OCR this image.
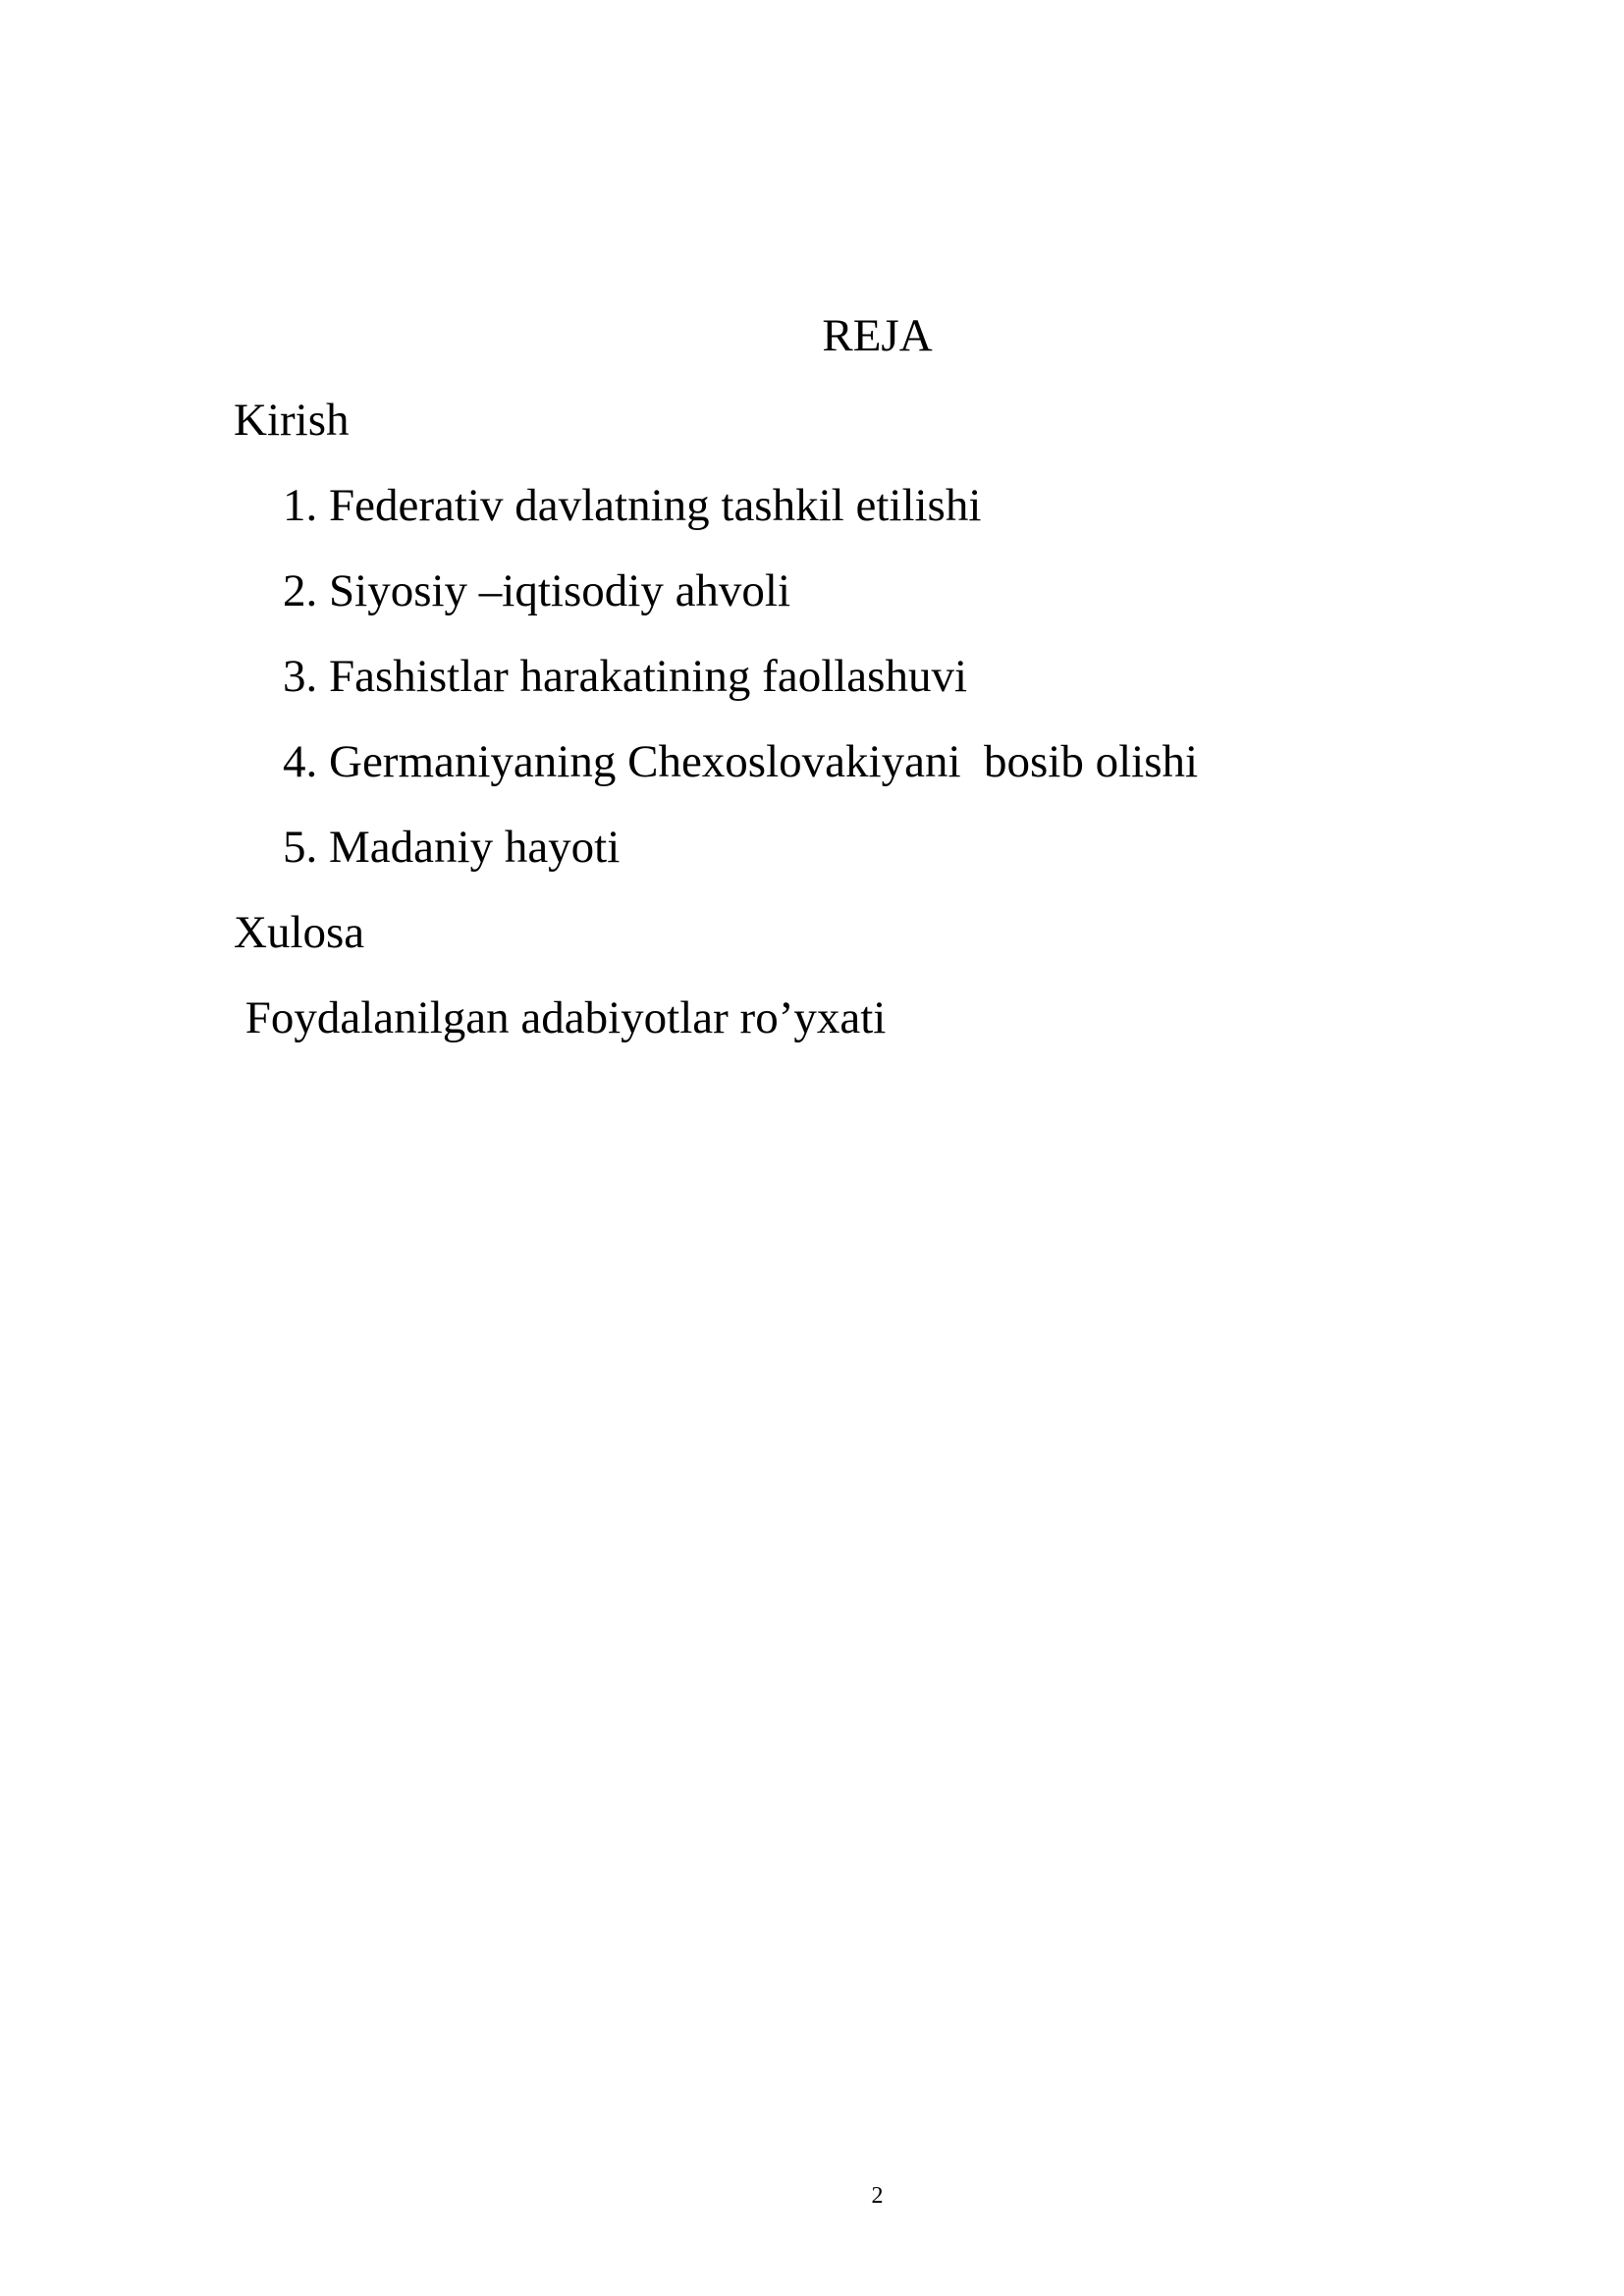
REJA
Kirish
1. Federativ davlatning tashkil etilishi
2. Siyosiy –iqtisodiy ahvoli
3. Fashistlar harakatining faollashuvi
4. Germaniyaning Chexoslovakiyani  bosib olishi
5. Madaniy hayoti
Xulosa
Foydalanilgan adabiyotlar ro’yxati
2
